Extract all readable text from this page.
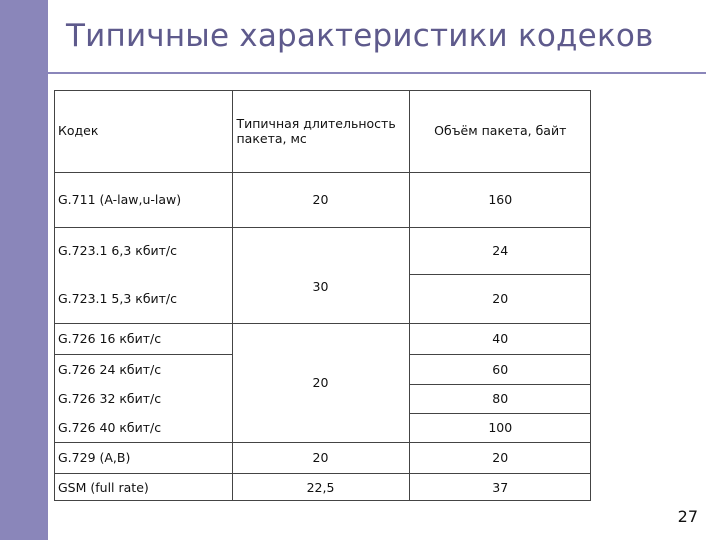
Типичные характеристики кодеков
Кодек	Типичная длительность пакета, мс	Объём пакета, байт
G.711 (A-law,u-law)	20	160
G.723.1 6,3 кбит/с	30	24
G.723.1 5,3 кбит/с		20
G.726 16 кбит/с	20	40
G.726 24 кбит/с		60
G.726 32 кбит/с		80
G.726 40 кбит/с		100
G.729 (A,B)	20	20
GSM (full rate)	22,5	37
27
